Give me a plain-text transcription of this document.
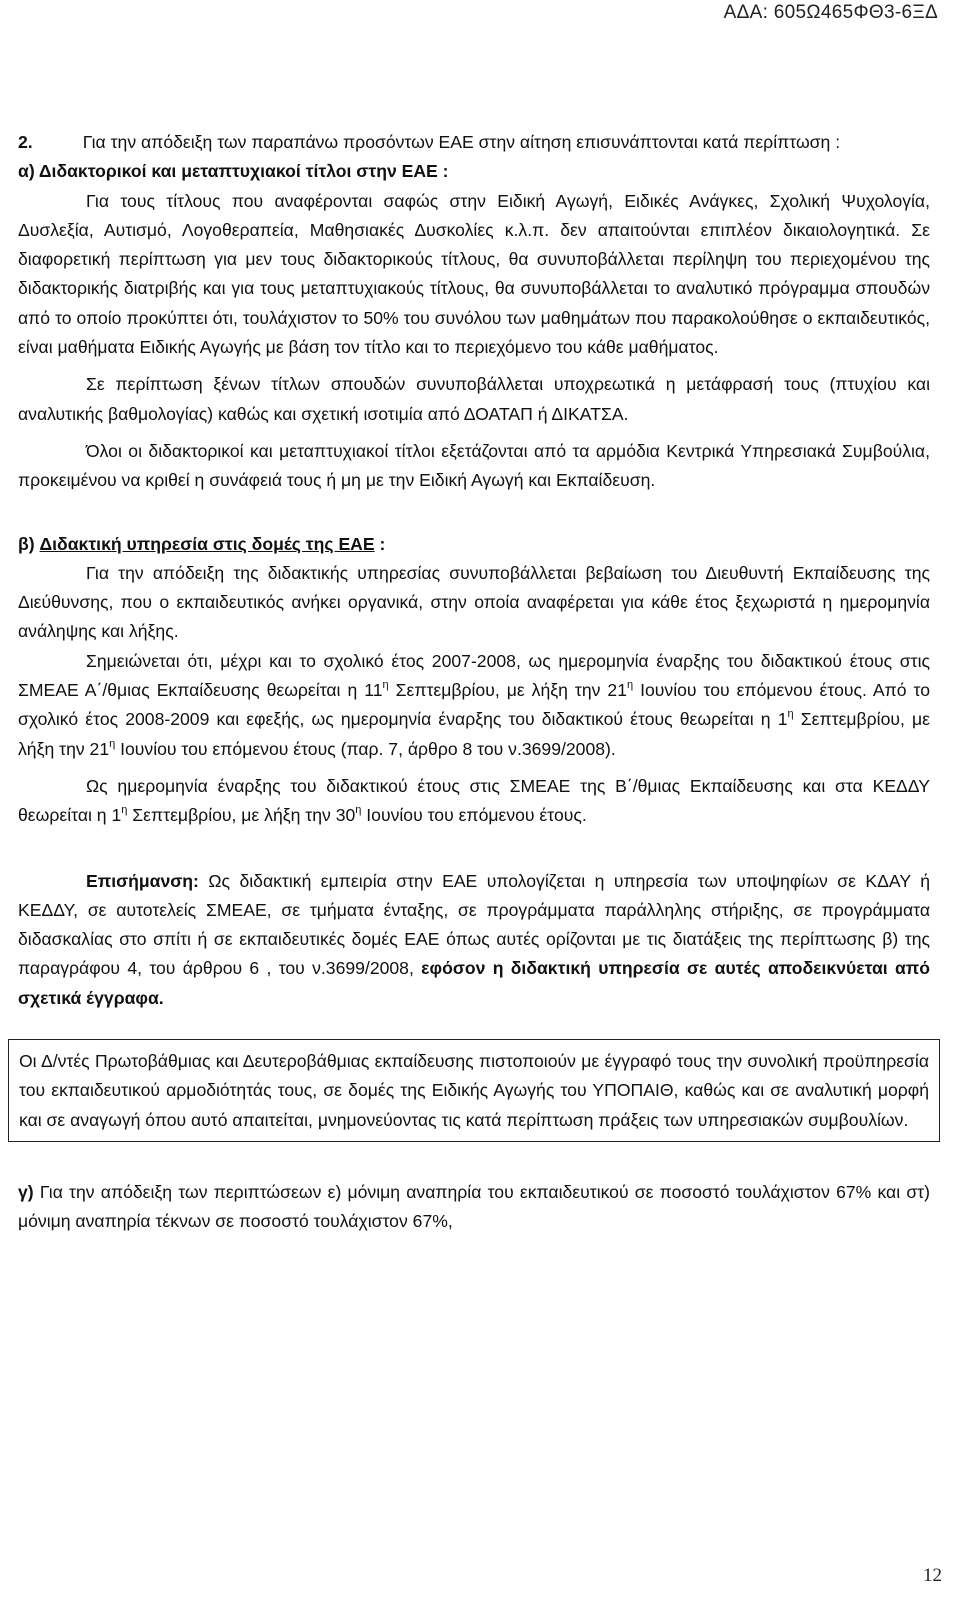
ΑΔΑ: 605Ω465ΦΘ3-6ΞΔ

2.	Για την απόδειξη των παραπάνω προσόντων ΕΑΕ στην αίτηση επισυνάπτονται κατά περίπτωση :

α) Διδακτορικοί και μεταπτυχιακοί τίτλοι στην ΕΑΕ :

Για τους τίτλους που αναφέρονται σαφώς στην Ειδική Αγωγή, Ειδικές Ανάγκες, Σχολική Ψυχολογία, Δυσλεξία, Αυτισμό, Λογοθεραπεία, Μαθησιακές Δυσκολίες κ.λ.π. δεν απαιτούνται επιπλέον δικαιολογητικά. Σε διαφορετική περίπτωση για μεν τους διδακτορικούς τίτλους, θα συνυποβάλλεται περίληψη του περιεχομένου της διδακτορικής διατριβής και για τους μεταπτυχιακούς τίτλους, θα συνυποβάλλεται το αναλυτικό πρόγραμμα σπουδών από το οποίο προκύπτει ότι, τουλάχιστον το 50% του συνόλου των μαθημάτων που παρακολούθησε ο εκπαιδευτικός, είναι μαθήματα Ειδικής Αγωγής με βάση τον τίτλο και το περιεχόμενο του κάθε μαθήματος.

Σε περίπτωση ξένων τίτλων σπουδών συνυποβάλλεται υποχρεωτικά η μετάφρασή τους (πτυχίου και αναλυτικής βαθμολογίας) καθώς και σχετική ισοτιμία από ΔΟΑΤΑΠ ή ΔΙΚΑΤΣΑ.

Όλοι οι διδακτορικοί και μεταπτυχιακοί τίτλοι εξετάζονται από τα αρμόδια Κεντρικά Υπηρεσιακά Συμβούλια, προκειμένου να κριθεί η συνάφειά τους ή μη με την Ειδική Αγωγή και Εκπαίδευση.

β) Διδακτική υπηρεσία στις δομές της ΕΑΕ :

Για την απόδειξη της διδακτικής υπηρεσίας συνυποβάλλεται βεβαίωση του Διευθυντή Εκπαίδευσης της Διεύθυνσης, που ο εκπαιδευτικός ανήκει οργανικά, στην οποία αναφέρεται για κάθε έτος ξεχωριστά η ημερομηνία ανάληψης και λήξης.

Σημειώνεται ότι, μέχρι και το σχολικό έτος 2007-2008, ως ημερομηνία έναρξης του διδακτικού έτους στις ΣΜΕΑΕ Α΄/θμιας Εκπαίδευσης θεωρείται η $11^\eta$ Σεπτεμβρίου, με λήξη την $21^\eta$ Ιουνίου του επόμενου έτους. Από το σχολικό έτος 2008-2009 και εφεξής, ως ημερομηνία έναρξης του διδακτικού έτους θεωρείται η $1^\eta$ Σεπτεμβρίου, με λήξη την $21^\eta$ Ιουνίου του επόμενου έτους (παρ. 7, άρθρο 8 του ν.3699/2008).

Ως ημερομηνία έναρξης του διδακτικού έτους στις ΣΜΕΑΕ της Β΄/θμιας Εκπαίδευσης και στα ΚΕΔΔΥ θεωρείται η $1^\eta$ Σεπτεμβρίου, με λήξη την $30^\eta$ Ιουνίου του επόμενου έτους.

Επισήμανση: Ως διδακτική εμπειρία στην ΕΑΕ υπολογίζεται η υπηρεσία των υποψηφίων σε ΚΔΑΥ ή ΚΕΔΔΥ, σε αυτοτελείς ΣΜΕΑΕ, σε τμήματα ένταξης, σε προγράμματα παράλληλης στήριξης, σε προγράμματα διδασκαλίας στο σπίτι ή σε εκπαιδευτικές δομές ΕΑΕ όπως αυτές ορίζονται με τις διατάξεις της περίπτωσης β) της παραγράφου 4, του άρθρου 6 , του ν.3699/2008, εφόσον η διδακτική υπηρεσία σε αυτές αποδεικνύεται από σχετικά έγγραφα.

Οι Δ/ντές Πρωτοβάθμιας και Δευτεροβάθμιας εκπαίδευσης πιστοποιούν με έγγραφό τους την συνολική προϋπηρεσία του εκπαιδευτικού αρμοδιότητάς τους, σε δομές της Ειδικής Αγωγής του ΥΠΟΠΑΙΘ, καθώς και σε αναλυτική μορφή και σε αναγωγή όπου αυτό απαιτείται, μνημονεύοντας τις κατά περίπτωση πράξεις των υπηρεσιακών συμβουλίων.

γ) Για την απόδειξη των περιπτώσεων ε) μόνιμη αναπηρία του εκπαιδευτικού σε ποσοστό τουλάχιστον 67% και στ) μόνιμη αναπηρία τέκνων σε ποσοστό τουλάχιστον 67%,

12
